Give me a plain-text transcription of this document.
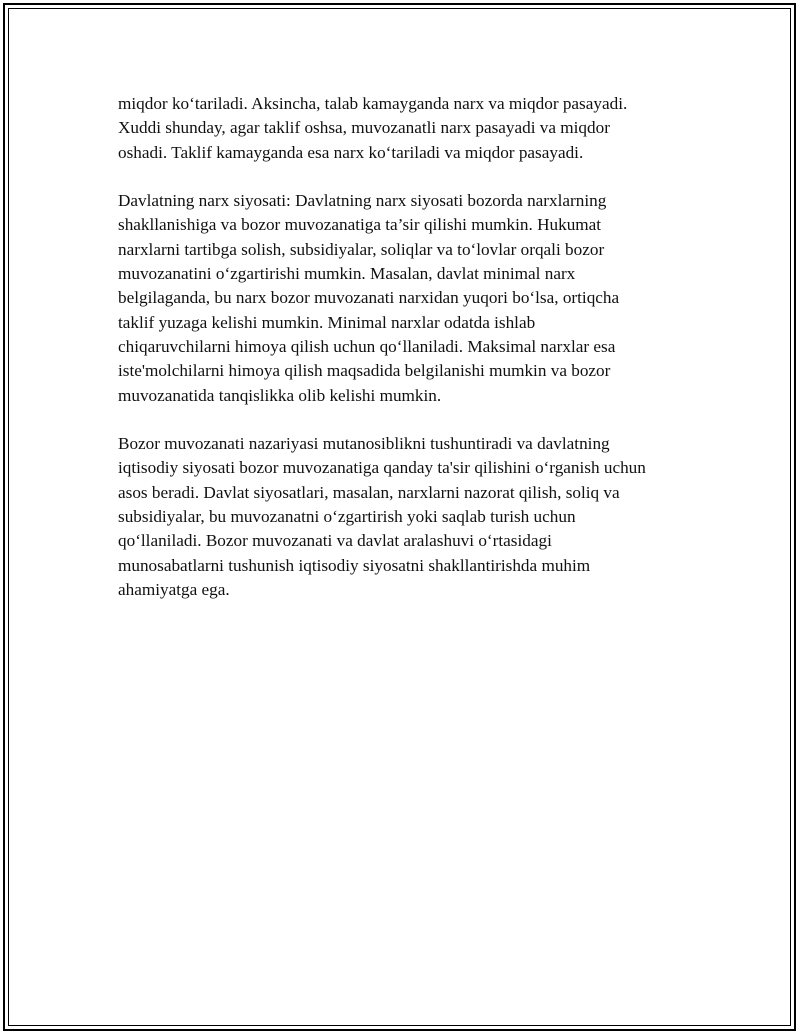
miqdor ko‘tariladi. Aksincha, talab kamayganda narx va miqdor pasayadi.
Xuddi shunday, agar taklif oshsa, muvozanatli narx pasayadi va miqdor
oshadi. Taklif kamayganda esa narx ko‘tariladi va miqdor pasayadi.

Davlatning narx siyosati: Davlatning narx siyosati bozorda narxlarning
shakllanishiga va bozor muvozanatiga ta’sir qilishi mumkin. Hukumat
narxlarni tartibga solish, subsidiyalar, soliqlar va to‘lovlar orqali bozor
muvozanatini o‘zgartirishi mumkin. Masalan, davlat minimal narx
belgilaganda, bu narx bozor muvozanati narxidan yuqori bo‘lsa, ortiqcha
taklif yuzaga kelishi mumkin. Minimal narxlar odatda ishlab
chiqaruvchilarni himoya qilish uchun qo‘llaniladi. Maksimal narxlar esa
iste'molchilarni himoya qilish maqsadida belgilanishi mumkin va bozor
muvozanatida tanqislikka olib kelishi mumkin.

Bozor muvozanati nazariyasi mutanosiblikni tushuntiradi va davlatning
iqtisodiy siyosati bozor muvozanatiga qanday ta'sir qilishini o‘rganish uchun
asos beradi. Davlat siyosatlari, masalan, narxlarni nazorat qilish, soliq va
subsidiyalar, bu muvozanatni o‘zgartirish yoki saqlab turish uchun
qo‘llaniladi. Bozor muvozanati va davlat aralashuvi o‘rtasidagi
munosabatlarni tushunish iqtisodiy siyosatni shakllantirishda muhim
ahamiyatga ega.
